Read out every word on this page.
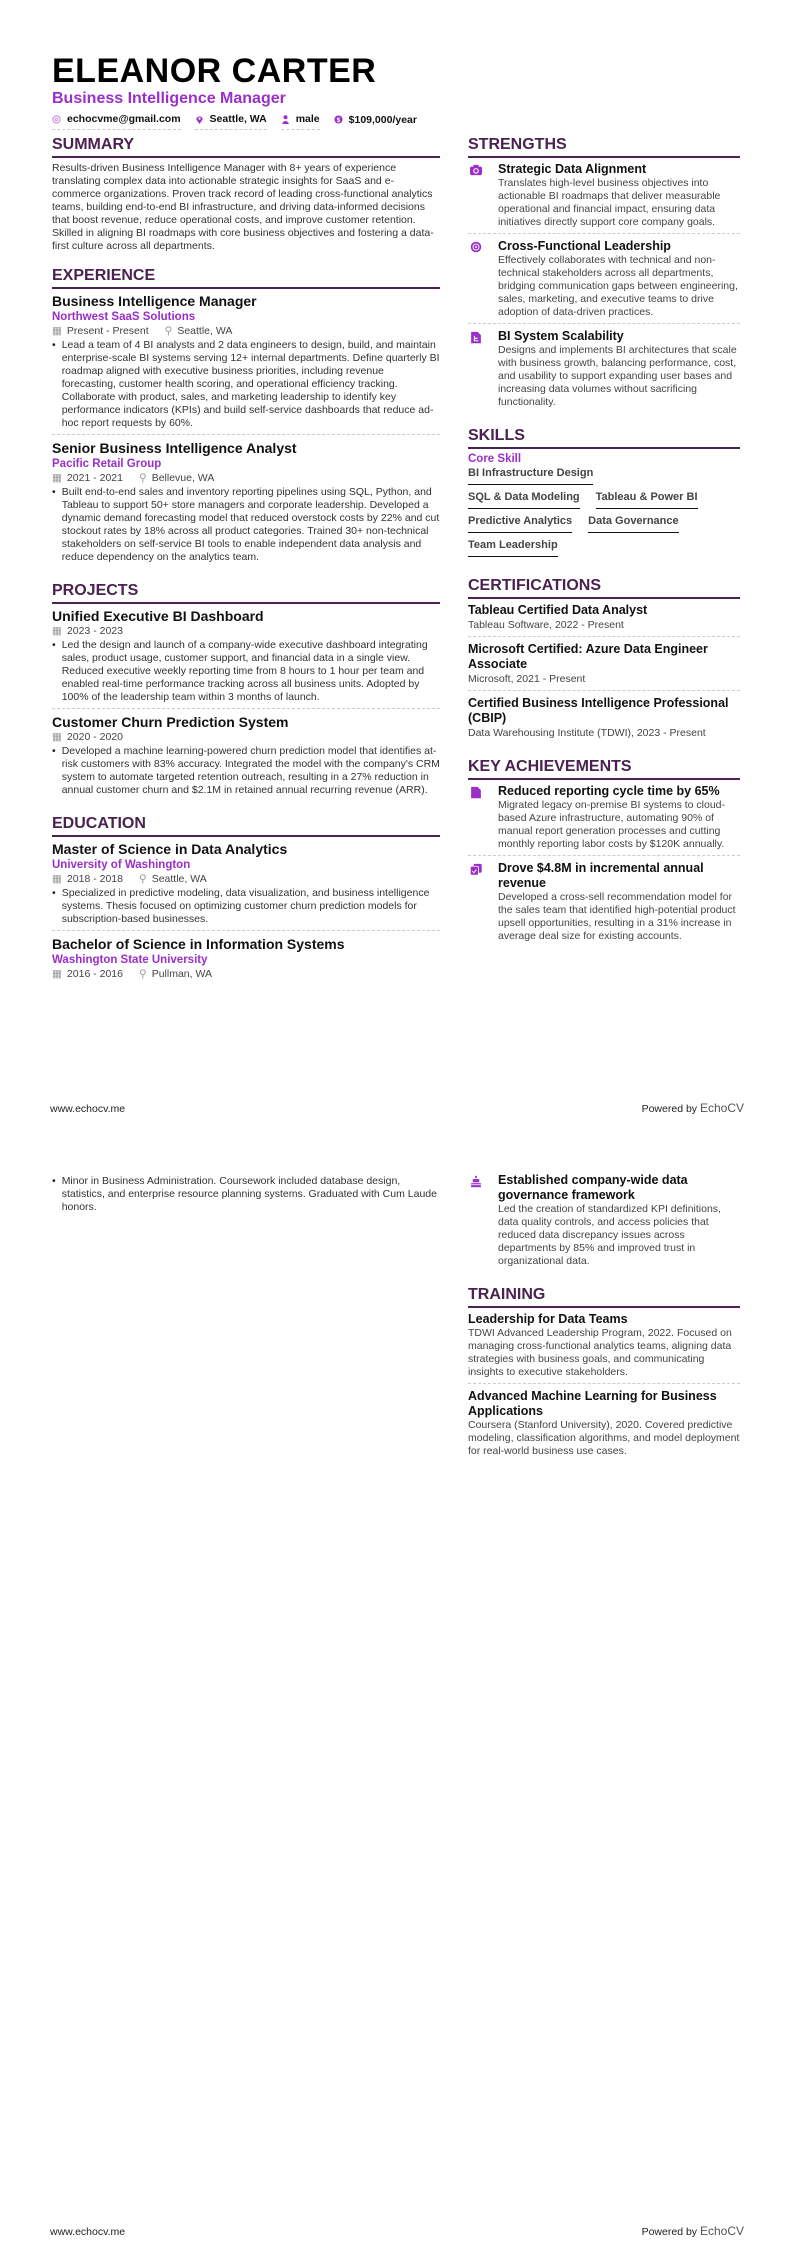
ELEANOR CARTER
Business Intelligence Manager
echocvme@gmail.com	Seattle, WA	male $ $109,000/year
SUMMARY
Results-driven Business Intelligence Manager with 8+ years of experience translating complex data into actionable strategic insights for SaaS and e-commerce organizations. Proven track record of leading cross-functional analytics teams, building end-to-end BI infrastructure, and driving data-informed decisions that boost revenue, reduce operational costs, and improve customer retention. Skilled in aligning BI roadmaps with core business objectives and fostering a data-first culture across all departments.
EXPERIENCE
Business Intelligence Manager
Northwest SaaS Solutions
▦ Present - Present ⚲ Seattle, WA
• Lead a team of 4 BI analysts and 2 data engineers to design, build, and maintain enterprise-scale BI systems serving 12+ internal departments. Define quarterly BI roadmap aligned with executive business priorities, including revenue forecasting, customer health scoring, and operational efficiency tracking. Collaborate with product, sales, and marketing leadership to identify key performance indicators (KPIs) and build self-service dashboards that reduce ad-hoc report requests by 60%.
Senior Business Intelligence Analyst
Pacific Retail Group
▦ 2021 - 2021 ⚲ Bellevue, WA
• Built end-to-end sales and inventory reporting pipelines using SQL, Python, and Tableau to support 50+ store managers and corporate leadership. Developed a dynamic demand forecasting model that reduced overstock costs by 22% and cut stockout rates by 18% across all product categories. Trained 30+ non-technical stakeholders on self-service BI tools to enable independent data analysis and reduce dependency on the analytics team.
PROJECTS
Unified Executive BI Dashboard
▦ 2023 - 2023
• Led the design and launch of a company-wide executive dashboard integrating sales, product usage, customer support, and financial data in a single view. Reduced executive weekly reporting time from 8 hours to 1 hour per team and enabled real-time performance tracking across all business units. Adopted by 100% of the leadership team within 3 months of launch.
Customer Churn Prediction System
▦ 2020 - 2020
• Developed a machine learning-powered churn prediction model that identifies at-risk customers with 83% accuracy. Integrated the model with the company's CRM system to automate targeted retention outreach, resulting in a 27% reduction in annual customer churn and $2.1M in retained annual recurring revenue (ARR).
EDUCATION
Master of Science in Data Analytics
University of Washington
▦ 2018 - 2018 ⚲ Seattle, WA
• Specialized in predictive modeling, data visualization, and business intelligence systems. Thesis focused on optimizing customer churn prediction models for subscription-based businesses.
Bachelor of Science in Information Systems
Washington State University
▦ 2016 - 2016 ⚲ Pullman, WA
STRENGTHS
Strategic Data Alignment
Translates high-level business objectives into actionable BI roadmaps that deliver measurable operational and financial impact, ensuring data initiatives directly support core company goals.
Cross-Functional Leadership
Effectively collaborates with technical and non-technical stakeholders across all departments, bridging communication gaps between engineering, sales, marketing, and executive teams to drive adoption of data-driven practices.
BI System Scalability
Designs and implements BI architectures that scale with business growth, balancing performance, cost, and usability to support expanding user bases and increasing data volumes without sacrificing functionality.
SKILLS
Core Skill
BI Infrastructure Design
SQL & Data Modeling Tableau & Power BI
Predictive Analytics Data Governance
Team Leadership
CERTIFICATIONS
Tableau Certified Data Analyst
Tableau Software, 2022 - Present
Microsoft Certified: Azure Data Engineer Associate
Microsoft, 2021 - Present
Certified Business Intelligence Professional (CBIP)
Data Warehousing Institute (TDWI), 2023 - Present
KEY ACHIEVEMENTS
Reduced reporting cycle time by 65%
Migrated legacy on-premise BI systems to cloud-based Azure infrastructure, automating 90% of manual report generation processes and cutting monthly reporting labor costs by $120K annually.
Drove $4.8M in incremental annual revenue
Developed a cross-sell recommendation model for the sales team that identified high-potential product upsell opportunities, resulting in a 31% increase in average deal size for existing accounts.
www.echocv.me	Powered by EchoCV
• Minor in Business Administration. Coursework included database design, statistics, and enterprise resource planning systems. Graduated with Cum Laude honors.
Established company-wide data governance framework
Led the creation of standardized KPI definitions, data quality controls, and access policies that reduced data discrepancy issues across departments by 85% and improved trust in organizational data.
TRAINING
Leadership for Data Teams
TDWI Advanced Leadership Program, 2022. Focused on managing cross-functional analytics teams, aligning data strategies with business goals, and communicating insights to executive stakeholders.
Advanced Machine Learning for Business Applications
Coursera (Stanford University), 2020. Covered predictive modeling, classification algorithms, and model deployment for real-world business use cases.
www.echocv.me	Powered by EchoCV
